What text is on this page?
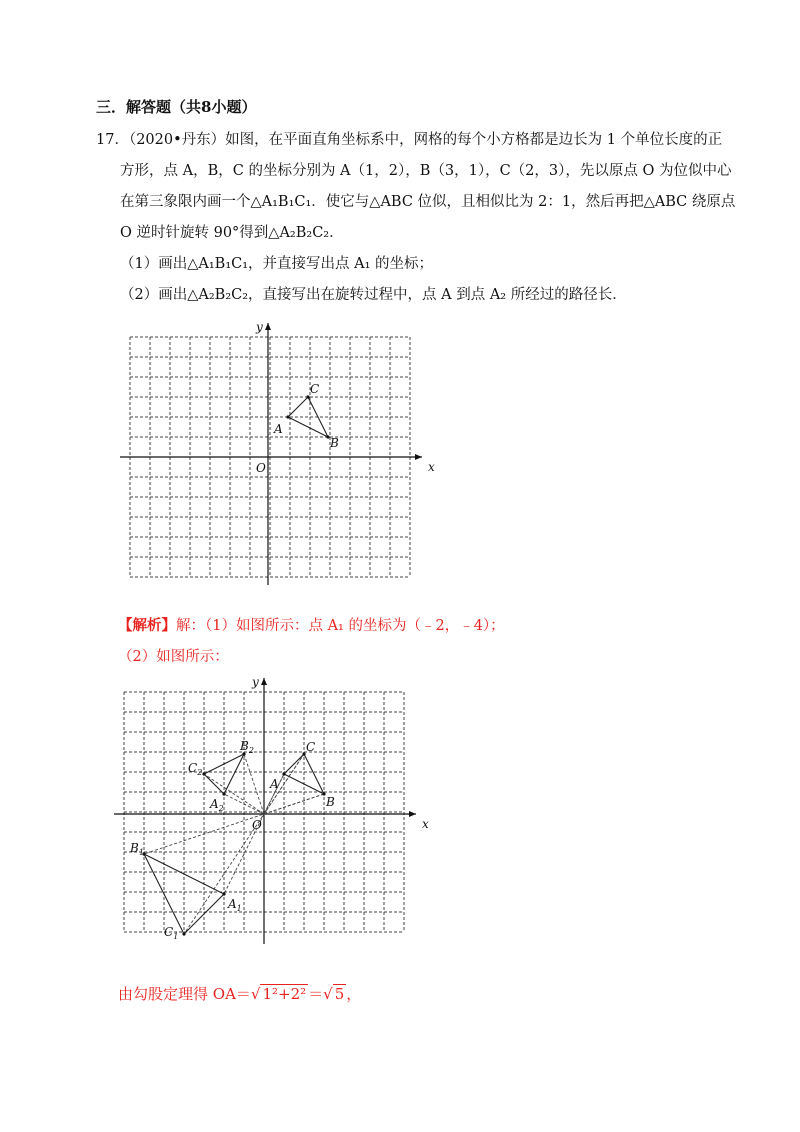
三．解答题（共8小题）
17．（2020•丹东）如图，在平面直角坐标系中，网格的每个小方格都是边长为 1 个单位长度的正
方形，点 A，B，C 的坐标分别为 A（1，2），B（3，1），C（2，3），先以原点 O 为位似中心
在第三象限内画一个△A₁B₁C₁．使它与△ABC 位似，且相似比为 2：1，然后再把△ABC 绕原点
O 逆时针旋转 90°得到△A₂B₂C₂．
（1）画出△A₁B₁C₁，并直接写出点 A₁ 的坐标；
（2）画出△A₂B₂C₂，直接写出在旋转过程中，点 A 到点 A₂ 所经过的路径长．
x
y
O
A
B
C
【解析】解：（1）如图所示：点 A₁ 的坐标为（﹣2，﹣4）；
（2）如图所示：
x
y
O
A
B
C
$A_1$
$B_1$
$C_1$
$A_2$
$B_2$
$C_2$
由勾股定理得 OA＝√ 1²+2² ＝√ 5 ，
